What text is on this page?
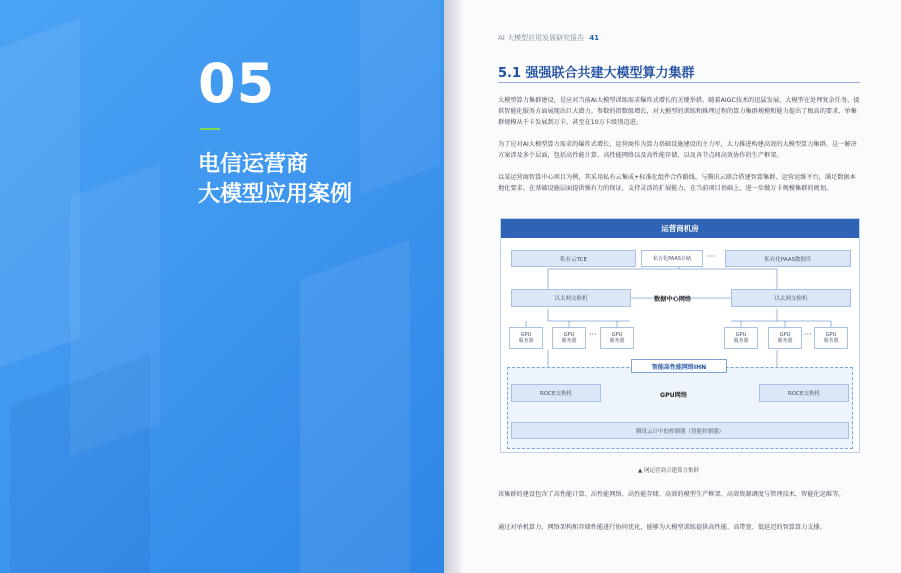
05
电信运营商
大模型应用案例
AI 大模型应用发展研究报告 41
5.1 强强联合共建大模型算力集群
大模型算力集群建设，是应对当前AI大模型训练需求爆炸式增长的关键举措。随着AIGC技术的迅猛发展，大模型在处理复杂任务、提供智能化服务方面展现出巨大潜力。参数的指数级增长，对大模型的训练和推理过程的算力集群规模和能力提出了极高的要求，单集群规模从千卡发展到万卡，甚至在10万卡级别迈进。
为了应对AI大模型算力需求的爆炸式增长，运营商作为算力基础设施建设的主力军，大力推进构建高效的大模型算力集群。这一解决方案涉及多个层面，包括高性能计算、高性能网络以及高性能存储，以及各节点间高效协作的生产框架。
以某运营商智算中心项目为例，其采用私有云集成+标准化组件合作路线，与腾讯云联合搭建智算集群、运营运维平台，满足数据本地化要求。在基础设施层面提供强有力的保证，支持灵活的扩展能力，在当前项目基础上，进一步做万卡规模集群的规划。
运营商机房
私有云TCE	私有化PAAS存储	···	私有化PAAS数据库
以太网交换机	数据中心网络	以太网交换机
GPU
服务器
GPU
服务器
···	GPU
服务器
GPU
服务器
GPU
服务器
···	GPU
服务器
智能高性能网络IHN
ROCE交换机	GPU网络	ROCE交换机
腾讯云计中的控制器（智能控制器）
▲ 网运营商合建算力集群
该集群的建设包含了高性能计算、高性能网络、高性能存储、高效的模型生产框架、高效资源调度与管理技术、智能化运维等。
通过对单机算力、网络架构和存储性能进行协同优化，能够为大模型训练提供高性能、高带宽、低延迟的智算算力支撑。
